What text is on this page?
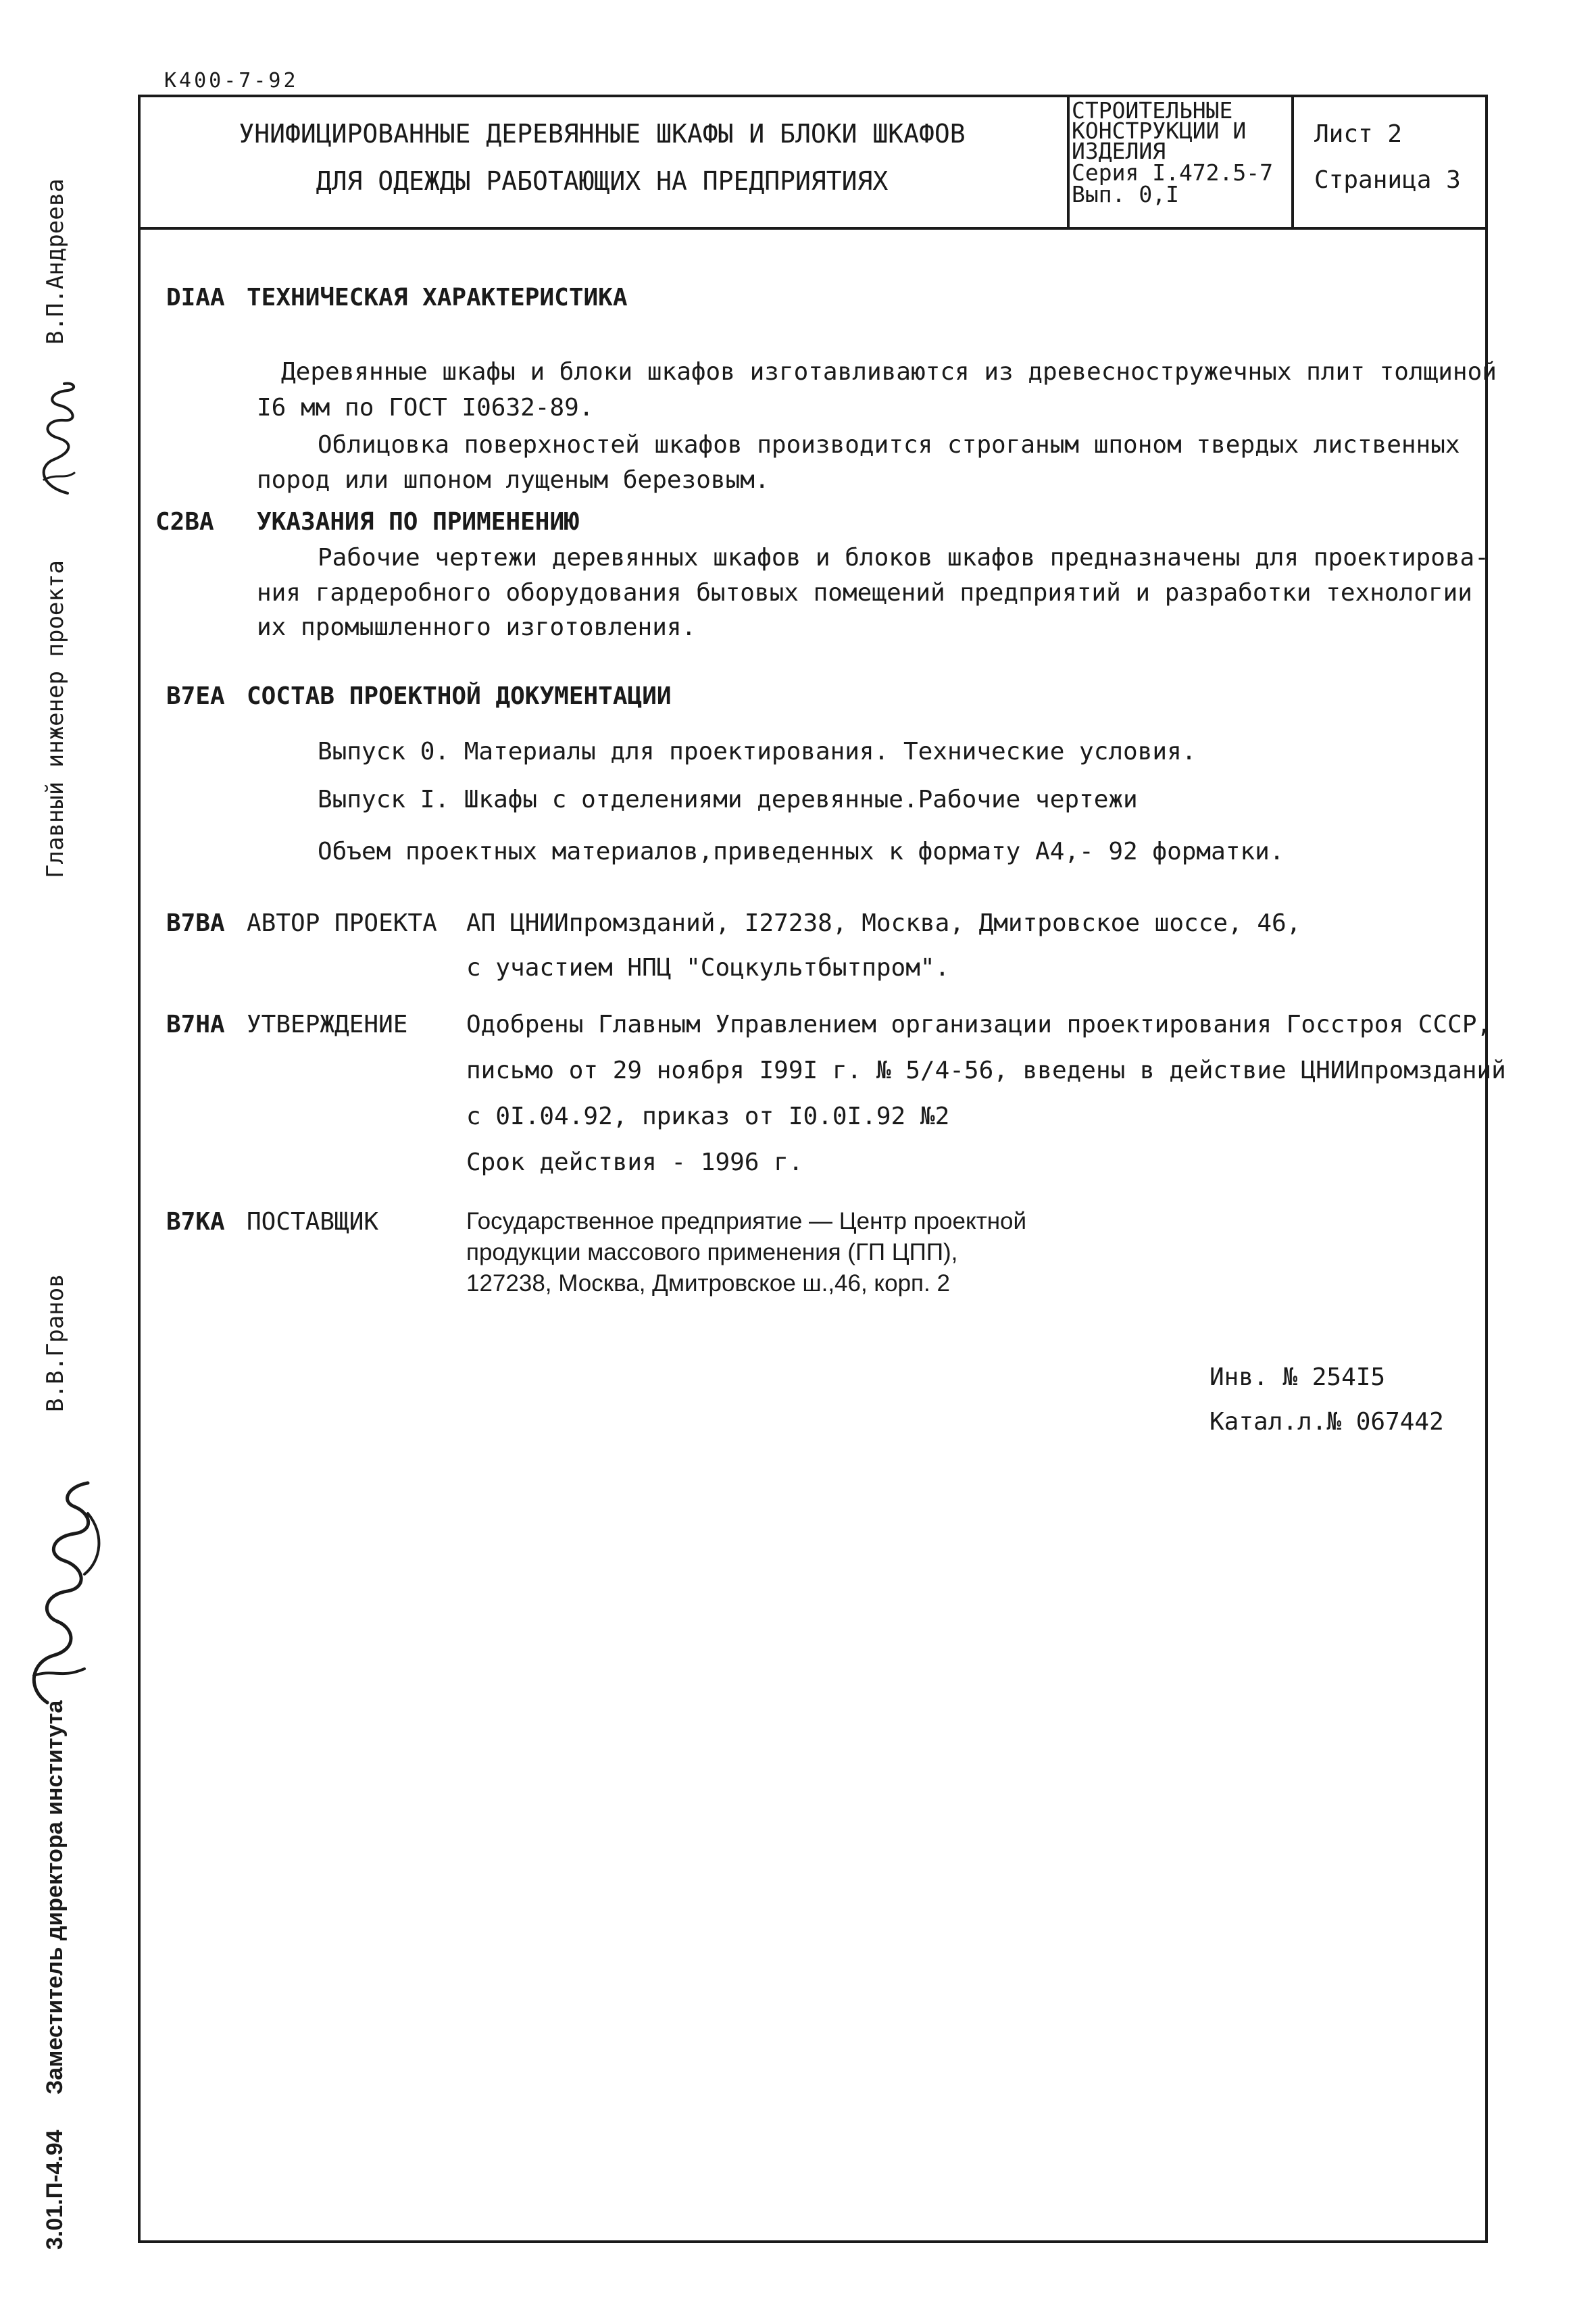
К400-7-92
УНИФИЦИРОВАННЫЕ ДЕРЕВЯННЫЕ ШКАФЫ И БЛОКИ ШКАФОВ
ДЛЯ ОДЕЖДЫ РАБОТАЮЩИХ НА ПРЕДПРИЯТИЯХ
СТРОИТЕЛЬНЫЕ
КОНСТРУКЦИИ И
ИЗДЕЛИЯ
Серия I.472.5-7
Вып. 0,I
Лист 2
Страница 3
DIAA ТЕХНИЧЕСКАЯ ХАРАКТЕРИСТИКА
Деревянные шкафы и блоки шкафов изготавливаются из древесностружечных плит толщиной
I6 мм по ГОСТ I0632-89.
Облицовка поверхностей шкафов производится строганым шпоном твердых лиственных
пород или шпоном лущеным березовым.
C2BA УКАЗАНИЯ ПО ПРИМЕНЕНИЮ
Рабочие чертежи деревянных шкафов и блоков шкафов предназначены для проектирова-
ния гардеробного оборудования бытовых помещений предприятий и разработки технологии
их промышленного изготовления.
B7EA СОСТАВ ПРОЕКТНОЙ ДОКУМЕНТАЦИИ
Выпуск 0. Материалы для проектирования. Технические условия.
Выпуск I. Шкафы с отделениями деревянные.Рабочие чертежи
Объем проектных материалов,приведенных к формату А4,- 92 форматки.
B7BA АВТОР ПРОЕКТА АП ЦНИИпромзданий, I27238, Москва, Дмитровское шоссе, 46,
с участием НПЦ "Соцкультбытпром".
B7HA УТВЕРЖДЕНИЕ Одобрены Главным Управлением организации проектирования Госстроя СССР,
письмо от 29 ноября I99I г. № 5/4-56, введены в действие ЦНИИпромзданий
с 0I.04.92, приказ от I0.0I.92 №2
Срок действия - 1996 г.
B7KA ПОСТАВЩИК	Государственное предприятие — Центр проектной
продукции массового применения (ГП ЦПП),
127238, Москва, Дмитровское ш.,46, корп. 2
Инв. № 254I5
Катал.л.№ 067442
В.П.Андреева
Главный инженер проекта
В.В.Гранов
Заместитель директора института
3.01.П-4.94
